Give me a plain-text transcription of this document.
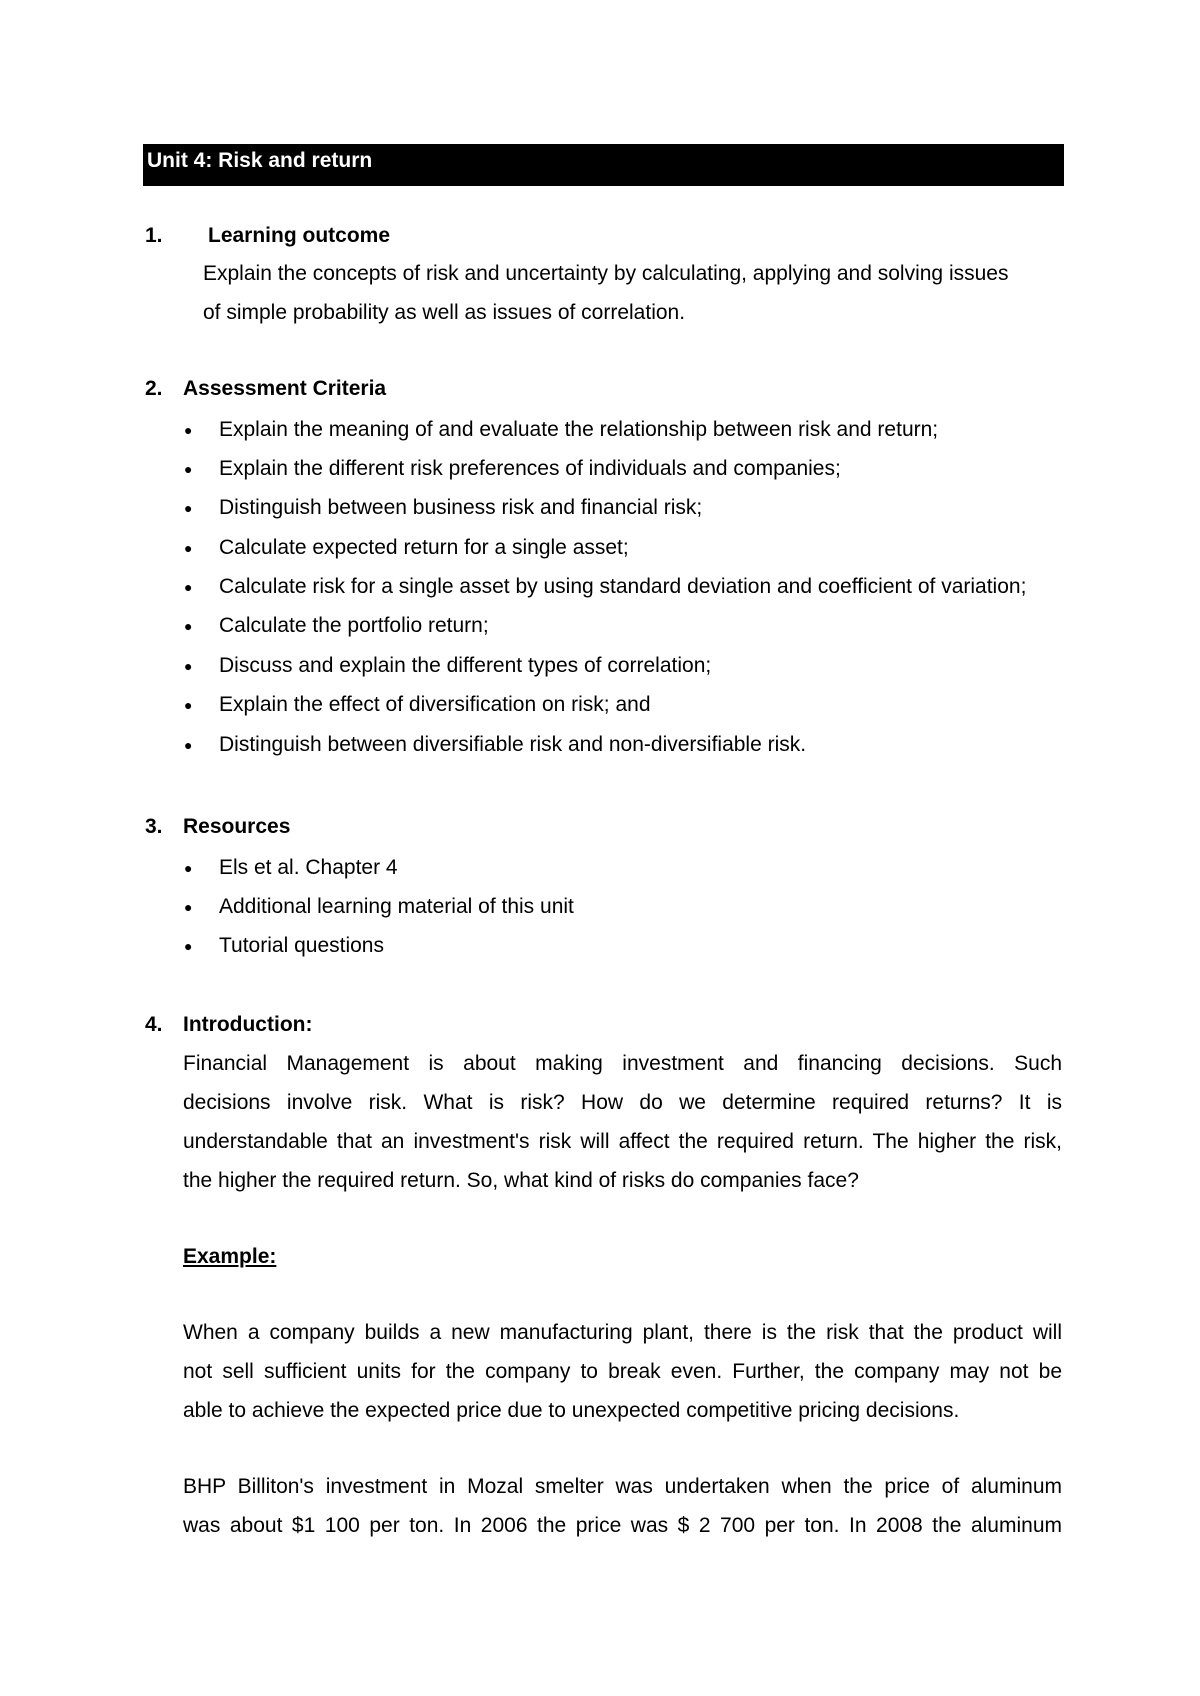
Unit 4: Risk and return
1. Learning outcome
Explain the concepts of risk and uncertainty by calculating, applying and solving issues
of simple probability as well as issues of correlation.
2. Assessment Criteria
● Explain the meaning of and evaluate the relationship between risk and return;
● Explain the different risk preferences of individuals and companies;
● Distinguish between business risk and financial risk;
● Calculate expected return for a single asset;
● Calculate risk for a single asset by using standard deviation and coefficient of variation;
● Calculate the portfolio return;
● Discuss and explain the different types of correlation;
● Explain the effect of diversification on risk; and
● Distinguish between diversifiable risk and non-diversifiable risk.
3. Resources
● Els et al. Chapter 4
● Additional learning material of this unit
● Tutorial questions
4. Introduction:
Financial Management is about making investment and financing decisions. Such
decisions involve risk. What is risk? How do we determine required returns? It is
understandable that an investment's risk will affect the required return. The higher the risk,
the higher the required return. So, what kind of risks do companies face?
Example:
When a company builds a new manufacturing plant, there is the risk that the product will
not sell sufficient units for the company to break even. Further, the company may not be
able to achieve the expected price due to unexpected competitive pricing decisions.
BHP Billiton's investment in Mozal smelter was undertaken when the price of aluminum
was about $1 100 per ton. In 2006 the price was $ 2 700 per ton. In 2008 the aluminum
